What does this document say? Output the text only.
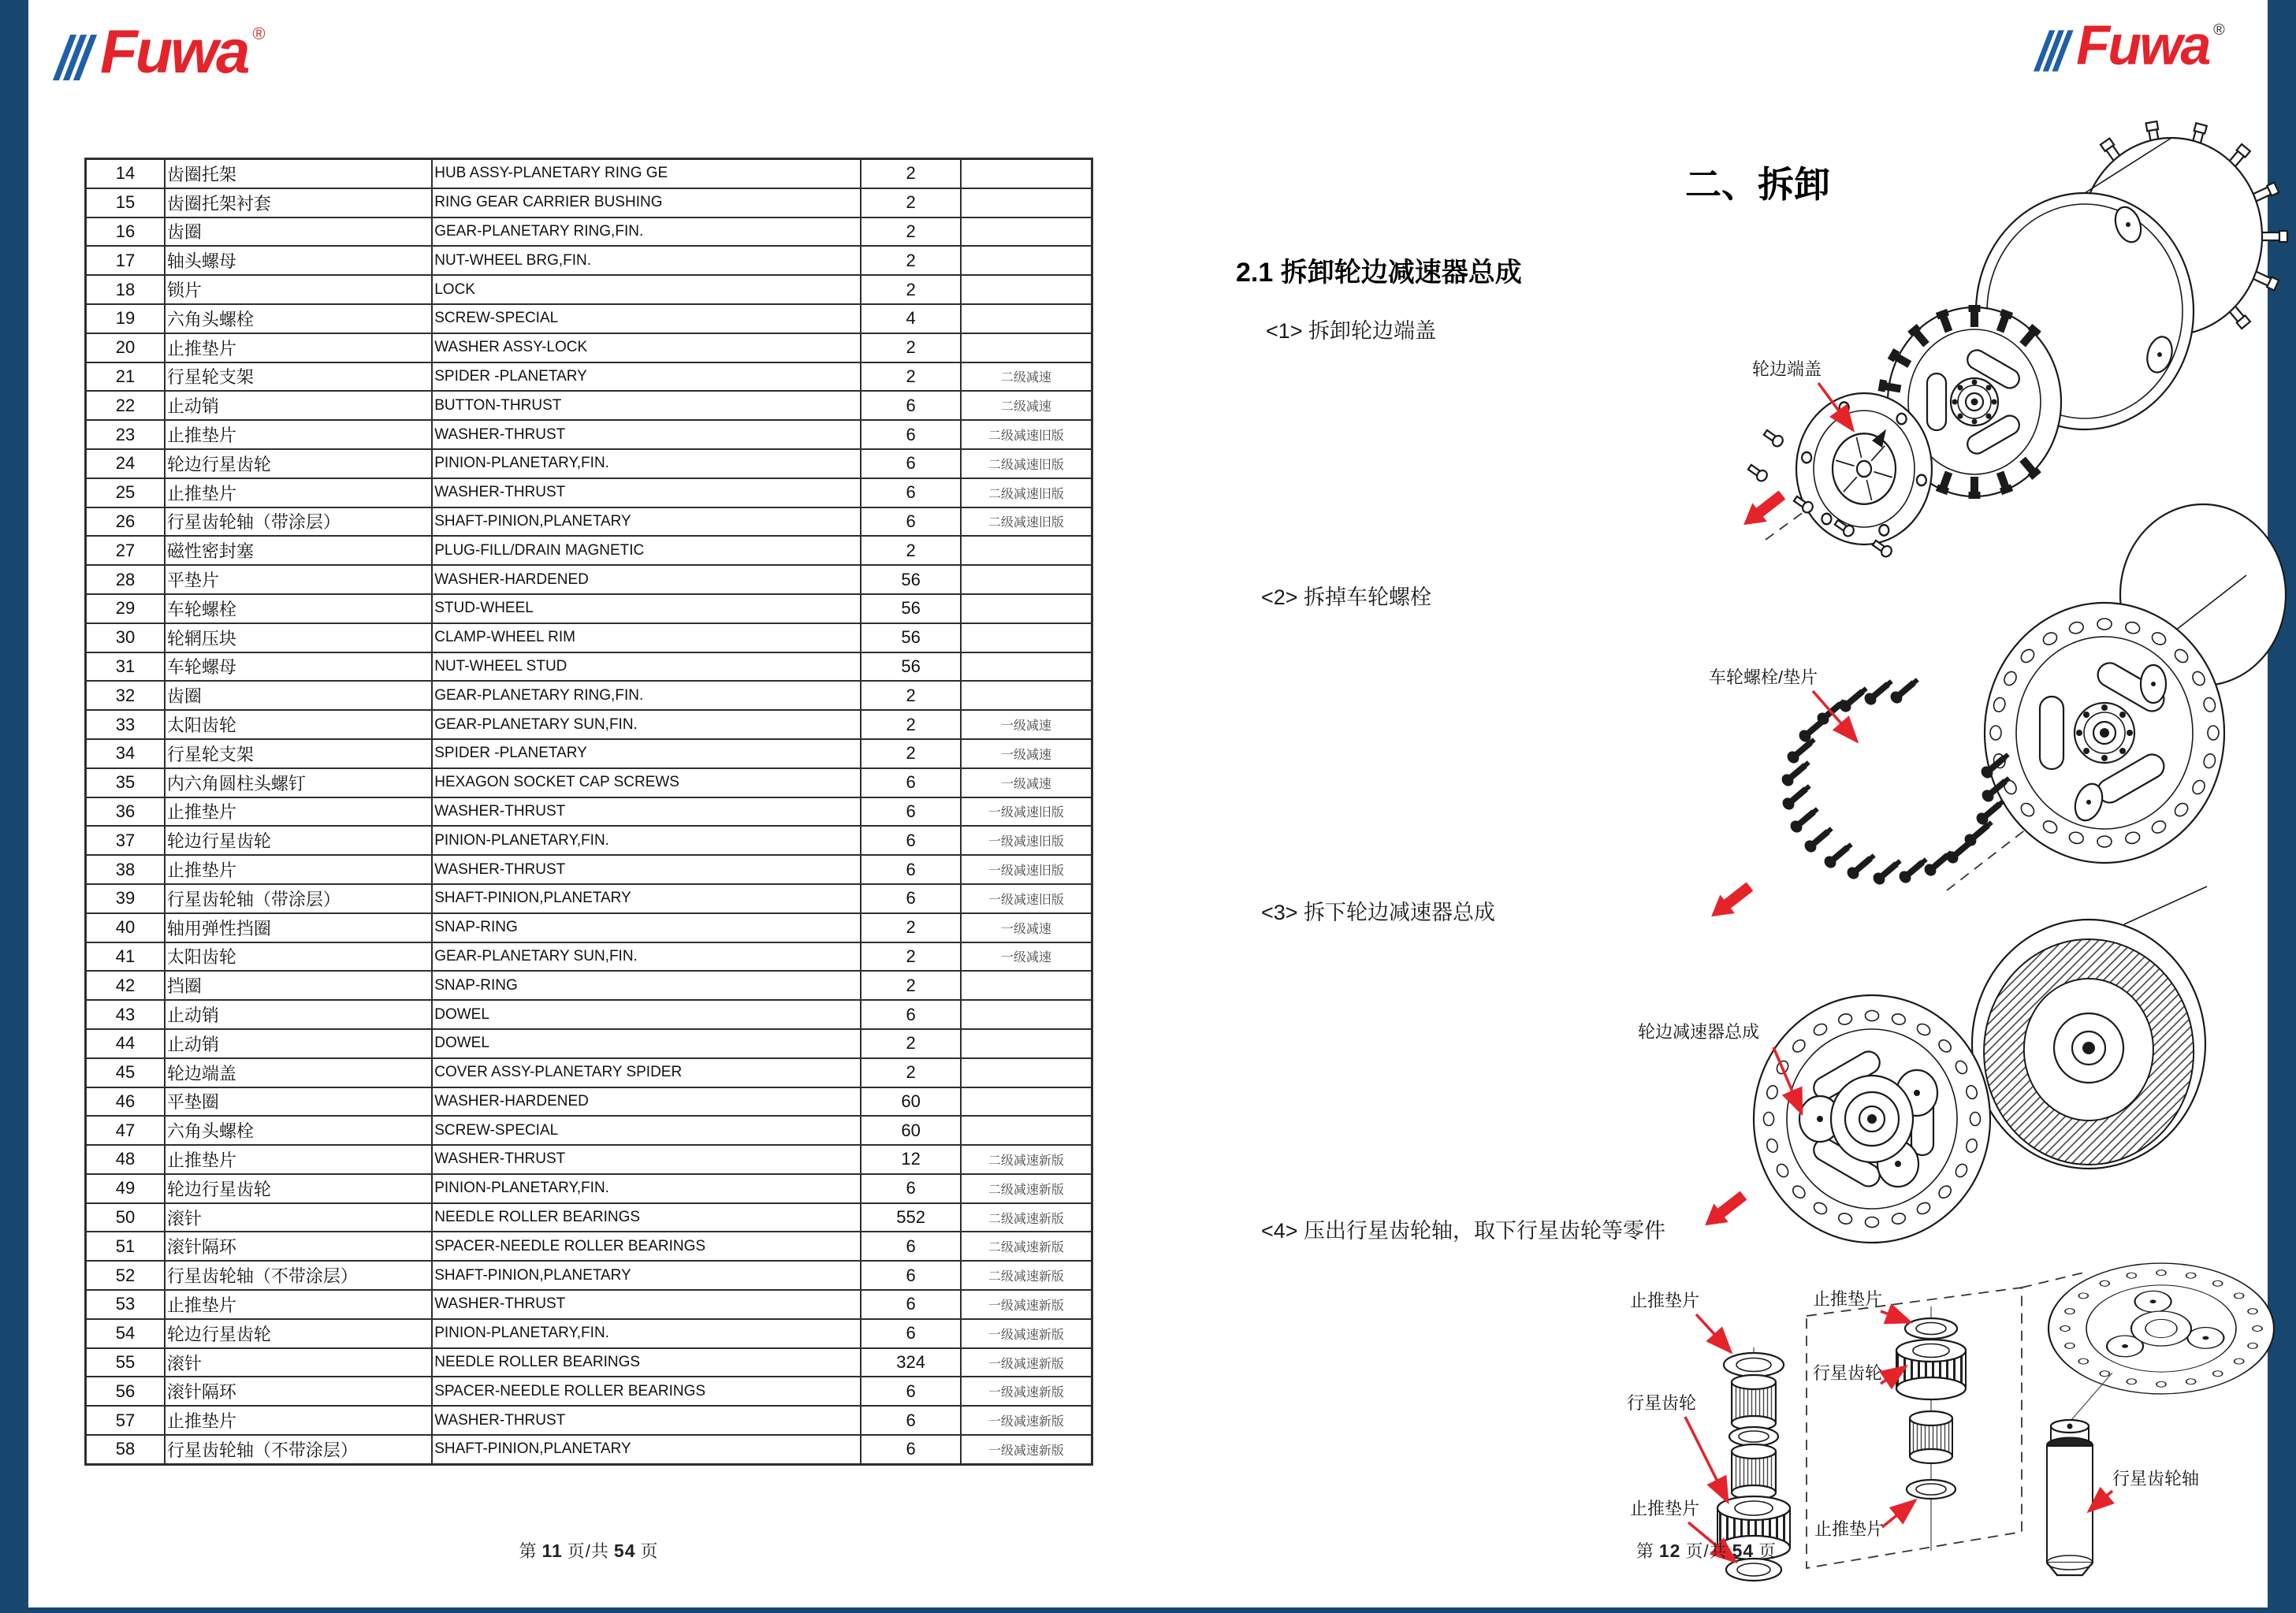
Fuwa ®
14	齿圈托架	HUB ASSY-PLANETARY RING GE	2	
15	齿圈托架衬套	RING GEAR CARRIER BUSHING	2	
16	齿圈	GEAR-PLANETARY RING,FIN.	2	
17	轴头螺母	NUT-WHEEL BRG,FIN.	2	
18	锁片	LOCK	2	
19	六角头螺栓	SCREW-SPECIAL	4	
20	止推垫片	WASHER ASSY-LOCK	2	
21	行星轮支架	SPIDER -PLANETARY	2	二级减速
22	止动销	BUTTON-THRUST	6	二级减速
23	止推垫片	WASHER-THRUST	6	二级减速旧版
24	轮边行星齿轮	PINION-PLANETARY,FIN.	6	二级减速旧版
25	止推垫片	WASHER-THRUST	6	二级减速旧版
26	行星齿轮轴（带涂层）	SHAFT-PINION,PLANETARY	6	二级减速旧版
27	磁性密封塞	PLUG-FILL/DRAIN MAGNETIC	2	
28	平垫片	WASHER-HARDENED	56	
29	车轮螺栓	STUD-WHEEL	56	
30	轮辋压块	CLAMP-WHEEL RIM	56	
31	车轮螺母	NUT-WHEEL STUD	56	
32	齿圈	GEAR-PLANETARY RING,FIN.	2	
33	太阳齿轮	GEAR-PLANETARY SUN,FIN.	2	一级减速
34	行星轮支架	SPIDER -PLANETARY	2	一级减速
35	内六角圆柱头螺钉	HEXAGON SOCKET CAP SCREWS	6	一级减速
36	止推垫片	WASHER-THRUST	6	一级减速旧版
37	轮边行星齿轮	PINION-PLANETARY,FIN.	6	一级减速旧版
38	止推垫片	WASHER-THRUST	6	一级减速旧版
39	行星齿轮轴（带涂层）	SHAFT-PINION,PLANETARY	6	一级减速旧版
40	轴用弹性挡圈	SNAP-RING	2	一级减速
41	太阳齿轮	GEAR-PLANETARY SUN,FIN.	2	一级减速
42	挡圈	SNAP-RING	2	
43	止动销	DOWEL	6	
44	止动销	DOWEL	2	
45	轮边端盖	COVER ASSY-PLANETARY SPIDER	2	
46	平垫圈	WASHER-HARDENED	60	
47	六角头螺栓	SCREW-SPECIAL	60	
48	止推垫片	WASHER-THRUST	12	二级减速新版
49	轮边行星齿轮	PINION-PLANETARY,FIN.	6	二级减速新版
50	滚针	NEEDLE ROLLER BEARINGS	552	二级减速新版
51	滚针隔环	SPACER-NEEDLE ROLLER BEARINGS	6	二级减速新版
52	行星齿轮轴（不带涂层）	SHAFT-PINION,PLANETARY	6	二级减速新版
53	止推垫片	WASHER-THRUST	6	一级减速新版
54	轮边行星齿轮	PINION-PLANETARY,FIN.	6	一级减速新版
55	滚针	NEEDLE ROLLER BEARINGS	324	一级减速新版
56	滚针隔环	SPACER-NEEDLE ROLLER BEARINGS	6	一级减速新版
57	止推垫片	WASHER-THRUST	6	一级减速新版
58	行星齿轮轴（不带涂层）	SHAFT-PINION,PLANETARY	6	一级减速新版
第 11 页/共 54 页
Fuwa ®
二、拆卸
2.1 拆卸轮边减速器总成
<1> 拆卸轮边端盖
<2> 拆掉车轮螺栓
<3> 拆下轮边减速器总成
<4> 压出行星齿轮轴，取下行星齿轮等零件
轮边端盖
车轮螺栓/垫片
轮边减速器总成
止推垫片
行星齿轮
止推垫片
止推垫片
行星齿轮
止推垫片
行星齿轮轴
第 12 页/共 54 页
